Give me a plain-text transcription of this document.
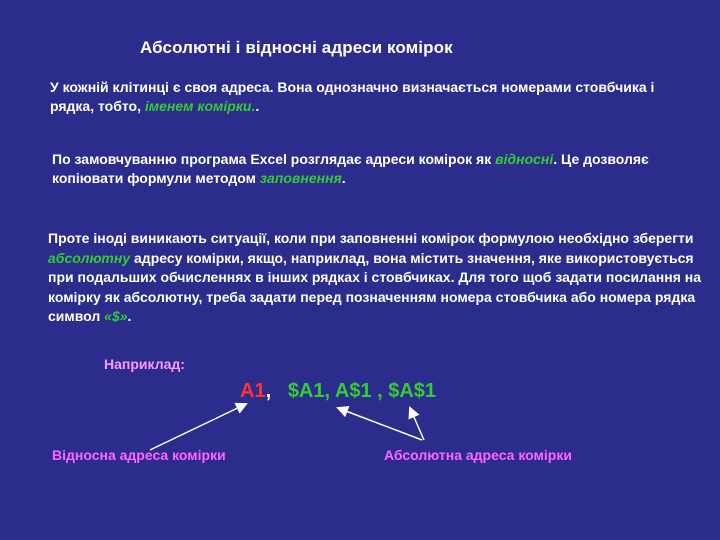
Абсолютні і відносні адреси комірок
У кожній клітинці є своя адреса. Вона однозначно визначається номерами стовбчика і рядка, тобто, іменем комірки..
По замовчуванню програма Excel розглядає адреси комірок як відносні. Це дозволяє копіювати формули методом заповнення.
Проте іноді виникають ситуації, коли при заповненні комірок формулою необхідно зберегти абсолютну адресу комірки, якщо, наприклад, вона містить значення, яке використовується при подальших обчисленнях в інших рядках і стовбчиках. Для того щоб задати посилання на комірку як абсолютну, треба задати перед позначенням номера стовбчика або номера рядка символ «$».
Наприклад:
A1,   $A1, A$1 , $A$1
Відносна адреса комірки	Абсолютна адреса комірки
